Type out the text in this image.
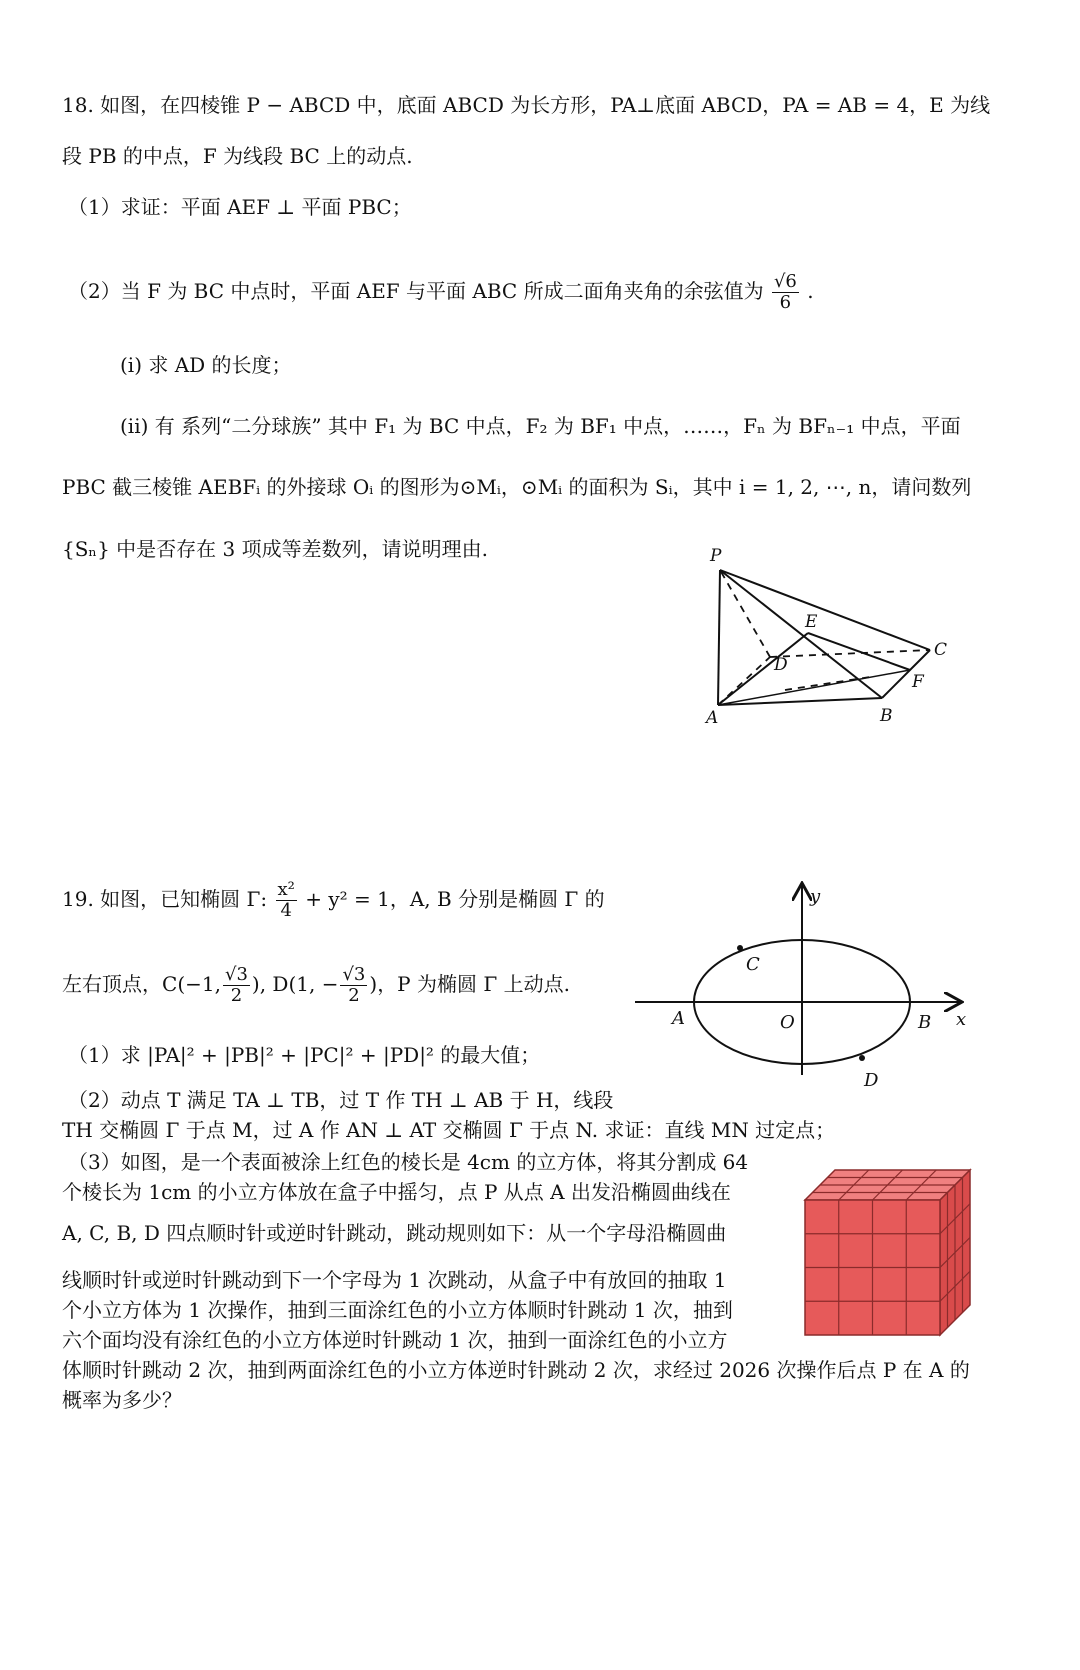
18. 如图，在四棱锥 P − ABCD 中，底面 ABCD 为长方形，PA⊥底面 ABCD，PA = AB = 4，E 为线
段 PB 的中点，F 为线段 BC 上的动点.
（1）求证：平面 AEF ⊥ 平面 PBC；
（2）当 F 为 BC 中点时，平面 AEF 与平面 ABC 所成二面角夹角的余弦值为 $\frac{√6}{6}$ .
(i) 求 AD 的长度；
(ii) 有 系列“二分球族” 其中 F₁ 为 BC 中点，F₂ 为 BF₁ 中点，……，Fₙ 为 BFₙ₋₁ 中点，平面
PBC 截三棱锥 AEBFᵢ 的外接球 Oᵢ 的图形为⊙Mᵢ，⊙Mᵢ 的面积为 Sᵢ，其中 i = 1, 2, ⋯, n，请问数列
{Sₙ} 中是否存在 3 项成等差数列，请说明理由.	P
E
C
D
F
A	B
19. 如图，已知椭圆 Γ: $\frac{\text{x²}}{4} + y^2 = 1$，A, B 分别是椭圆 Γ 的
左右顶点，C(−1, $\frac{√3}{2}$ ), D(1, − $\frac{√3}{2}$ )，P 为椭圆 Γ 上动点.
（1）求 |PA|² + |PB|² + |PC|² + |PD|² 的最大值；
（2）动点 T 满足 TA ⊥ TB，过 T 作 TH ⊥ AB 于 H，线段
TH 交椭圆 Γ 于点 M，过 A 作 AN ⊥ AT 交椭圆 Γ 于点 N. 求证：直线 MN 过定点；
（3）如图，是一个表面被涂上红色的棱长是 4cm 的立方体，将其分割成 64
个棱长为 1cm 的小立方体放在盒子中摇匀，点 P 从点 A 出发沿椭圆曲线在
A, C, B, D 四点顺时针或逆时针跳动，跳动规则如下：从一个字母沿椭圆曲
线顺时针或逆时针跳动到下一个字母为 1 次跳动，从盒子中有放回的抽取 1
个小立方体为 1 次操作，抽到三面涂红色的小立方体顺时针跳动 1 次，抽到
六个面均没有涂红色的小立方体逆时针跳动 1 次，抽到一面涂红色的小立方
体顺时针跳动 2 次，抽到两面涂红色的小立方体逆时针跳动 2 次，求经过 2026 次操作后点 P 在 A 的
概率为多少？
y
x
C
A	O	B
D
